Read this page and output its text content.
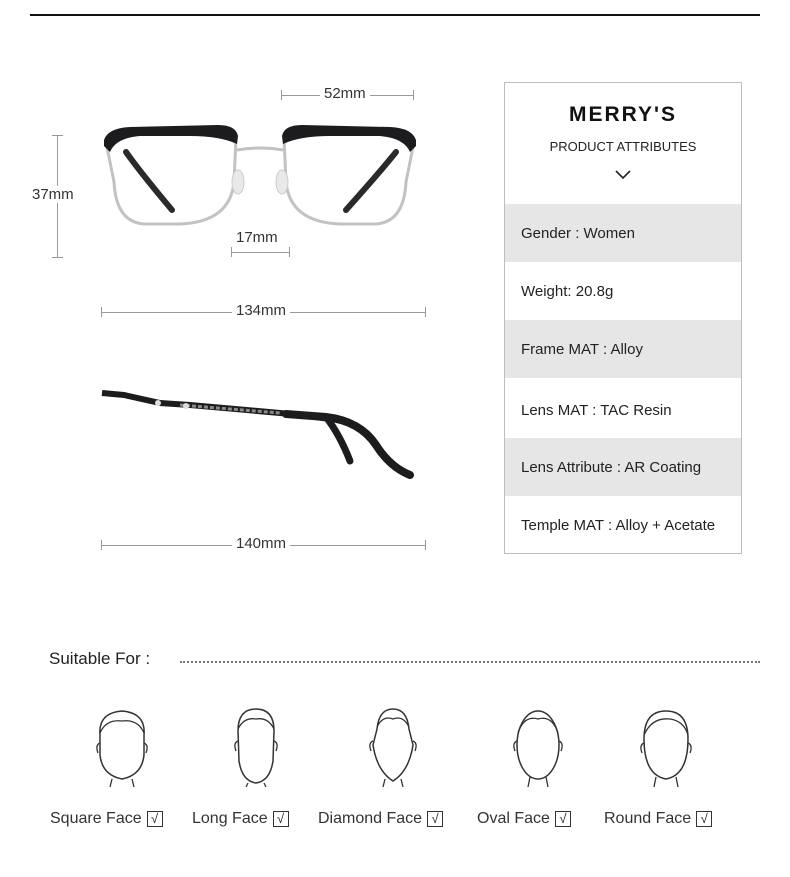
52mm
37mm
17mm
134mm
140mm
MERRY'S
PRODUCT ATTRIBUTES
Gender : Women
Weight: 20.8g
Frame MAT : Alloy
Lens MAT : TAC Resin
Lens Attribute : AR Coating
Temple MAT : Alloy + Acetate
Suitable For :
Square Face √ Long Face √ Diamond Face √ Oval Face √ Round Face √
